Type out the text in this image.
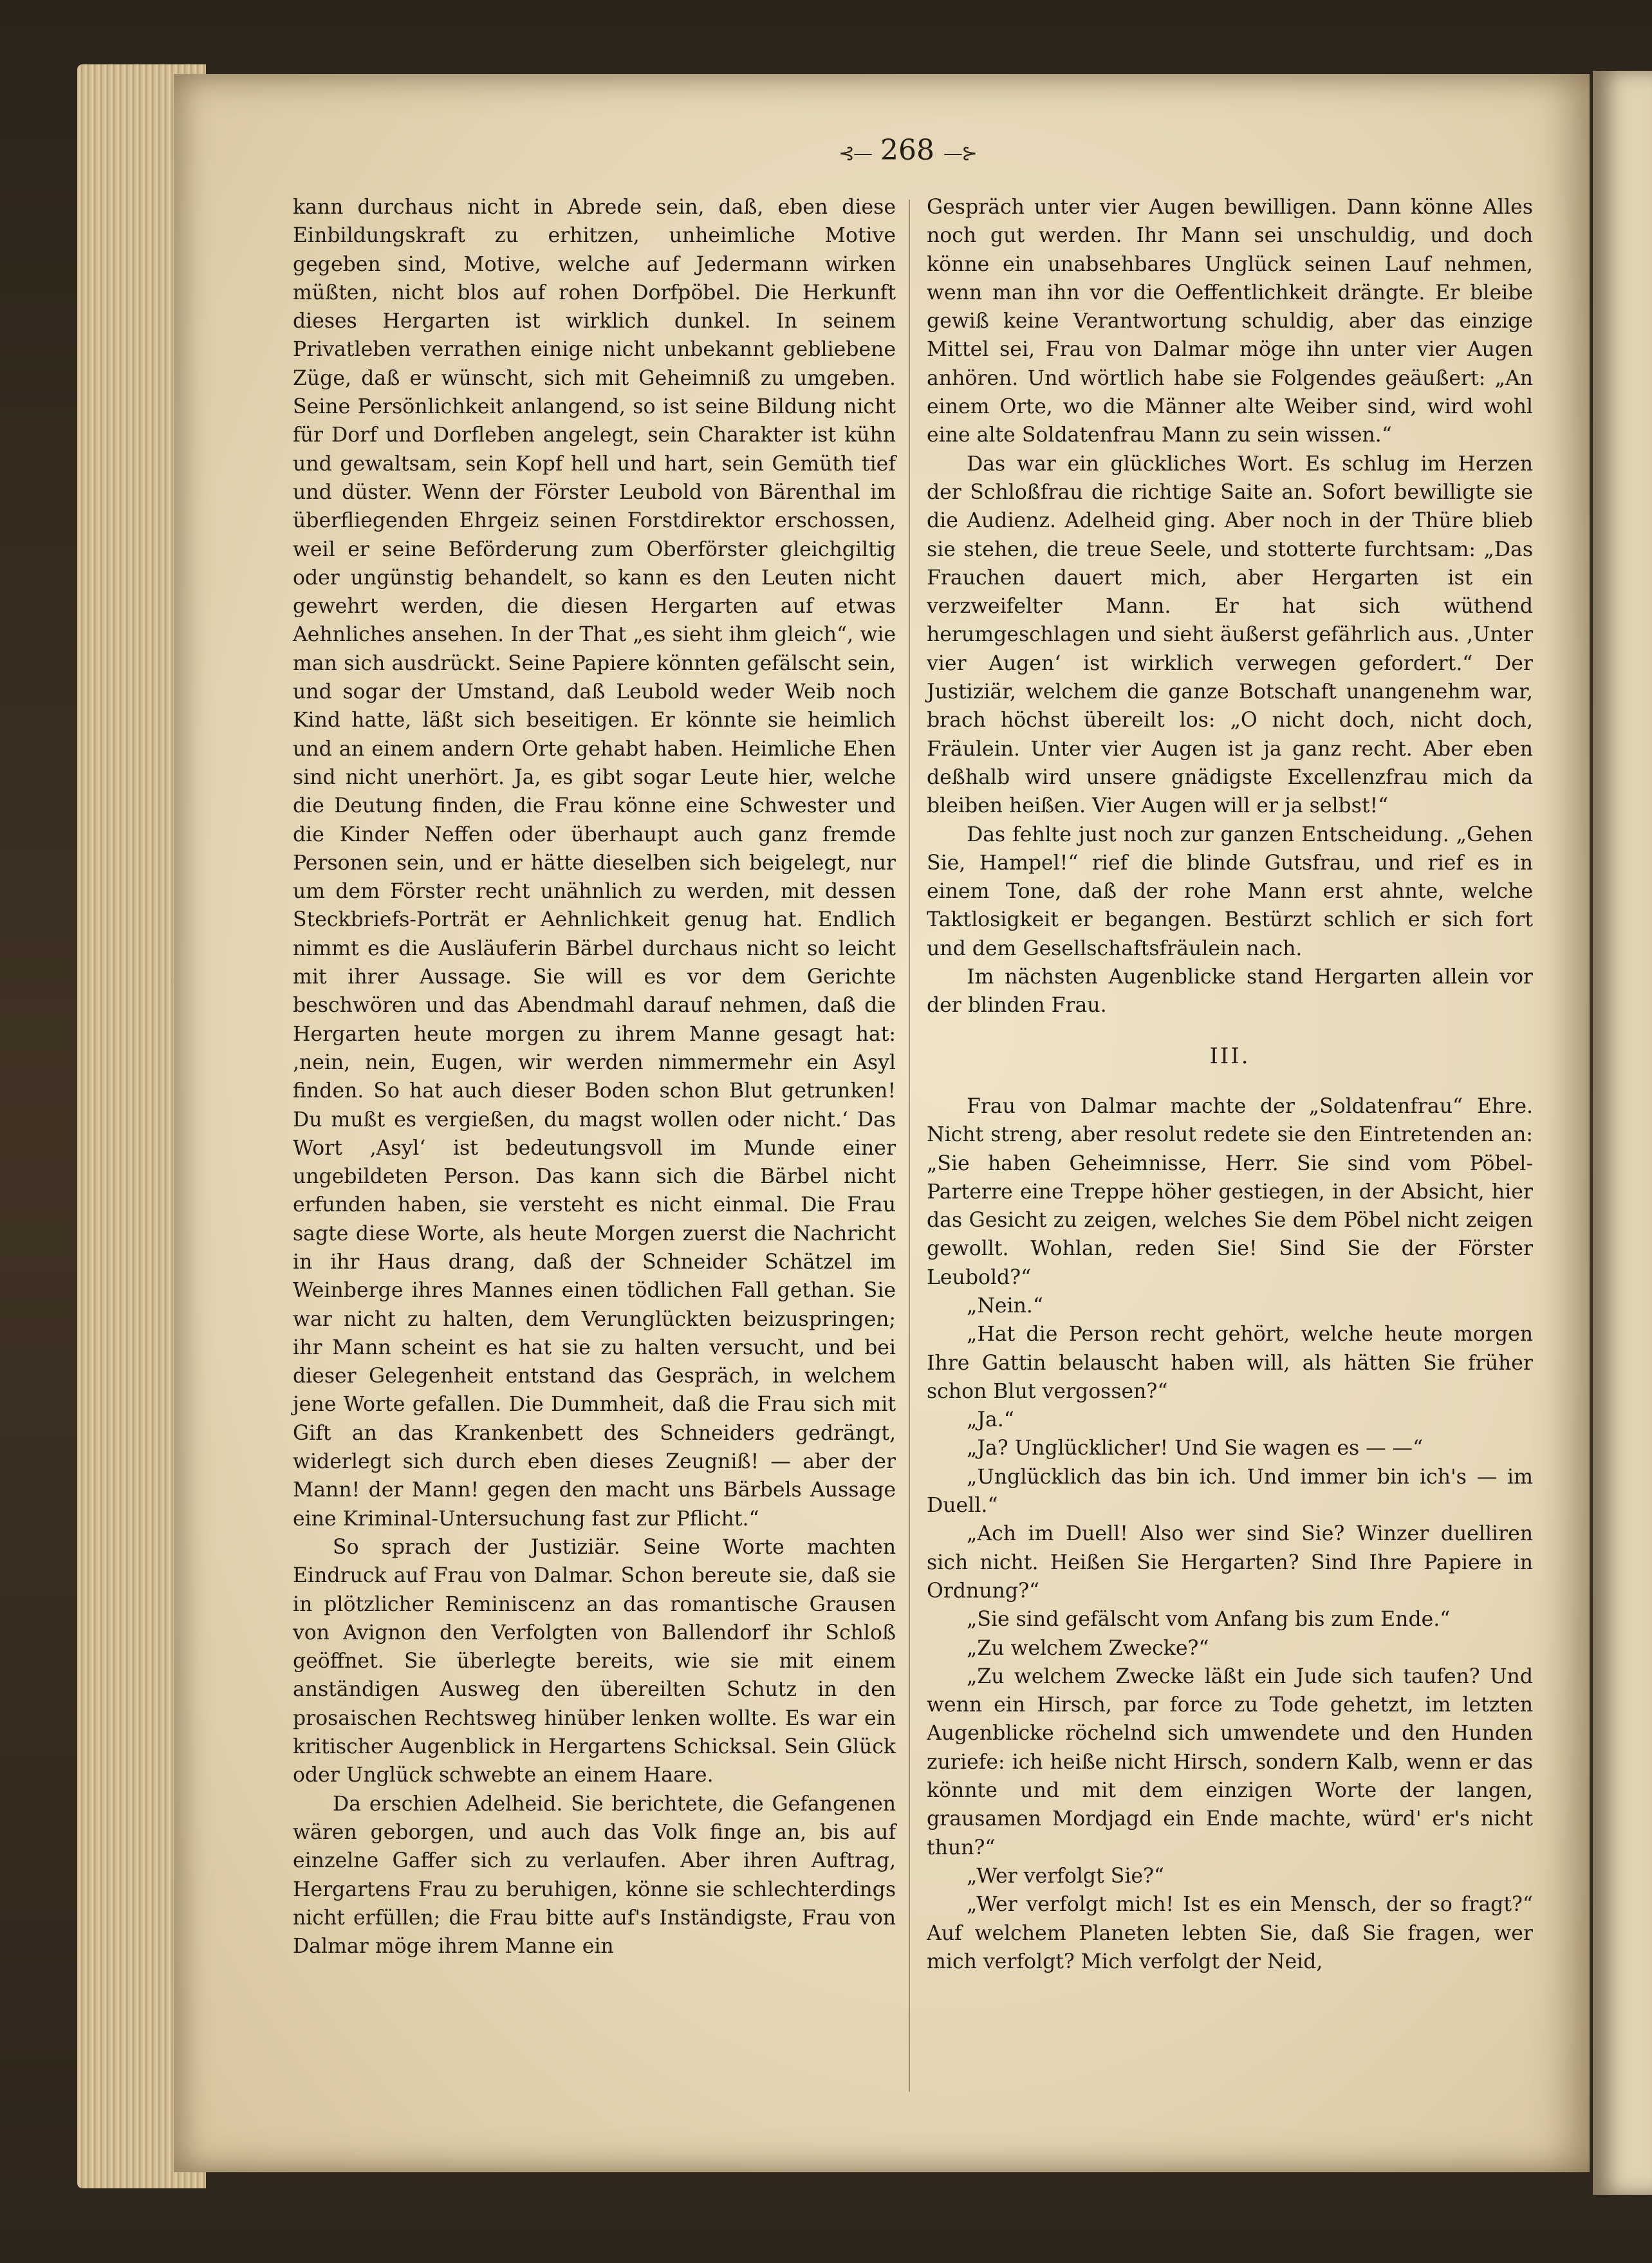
⊰— 268 —⊱

kann durchaus nicht in Abrede sein, daß, eben diese Einbildungskraft zu erhitzen, unheimliche Motive gegeben sind, Motive, welche auf Jedermann wirken müßten, nicht blos auf rohen Dorfpöbel. Die Herkunft dieses Hergarten ist wirklich dunkel. In seinem Privatleben verrathen einige nicht unbekannt gebliebene Züge, daß er wünscht, sich mit Geheimniß zu umgeben. Seine Persönlichkeit anlangend, so ist seine Bildung nicht für Dorf und Dorfleben angelegt, sein Charakter ist kühn und gewaltsam, sein Kopf hell und hart, sein Gemüth tief und düster. Wenn der Förster Leubold von Bärenthal im überfliegenden Ehrgeiz seinen Forstdirektor erschossen, weil er seine Beförderung zum Oberförster gleichgiltig oder ungünstig behandelt, so kann es den Leuten nicht gewehrt werden, die diesen Hergarten auf etwas Aehnliches ansehen. In der That „es sieht ihm gleich“, wie man sich ausdrückt. Seine Papiere könnten gefälscht sein, und sogar der Umstand, daß Leubold weder Weib noch Kind hatte, läßt sich beseitigen. Er könnte sie heimlich und an einem andern Orte gehabt haben. Heimliche Ehen sind nicht unerhört. Ja, es gibt sogar Leute hier, welche die Deutung finden, die Frau könne eine Schwester und die Kinder Neffen oder überhaupt auch ganz fremde Personen sein, und er hätte dieselben sich beigelegt, nur um dem Förster recht unähnlich zu werden, mit dessen Steckbriefs-Porträt er Aehnlichkeit genug hat. Endlich nimmt es die Ausläuferin Bärbel durchaus nicht so leicht mit ihrer Aussage. Sie will es vor dem Gerichte beschwören und das Abendmahl darauf nehmen, daß die Hergarten heute morgen zu ihrem Manne gesagt hat: ‚nein, nein, Eugen, wir werden nimmermehr ein Asyl finden. So hat auch dieser Boden schon Blut getrunken! Du mußt es vergießen, du magst wollen oder nicht.‘ Das Wort ‚Asyl‘ ist bedeutungsvoll im Munde einer ungebildeten Person. Das kann sich die Bärbel nicht erfunden haben, sie versteht es nicht einmal. Die Frau sagte diese Worte, als heute Morgen zuerst die Nachricht in ihr Haus drang, daß der Schneider Schätzel im Weinberge ihres Mannes einen tödlichen Fall gethan. Sie war nicht zu halten, dem Verunglückten beizuspringen; ihr Mann scheint es hat sie zu halten versucht, und bei dieser Gelegenheit entstand das Gespräch, in welchem jene Worte gefallen. Die Dummheit, daß die Frau sich mit Gift an das Krankenbett des Schneiders gedrängt, widerlegt sich durch eben dieses Zeugniß! — aber der Mann! der Mann! gegen den macht uns Bärbels Aussage eine Kriminal-Untersuchung fast zur Pflicht.“

So sprach der Justiziär. Seine Worte machten Eindruck auf Frau von Dalmar. Schon bereute sie, daß sie in plötzlicher Reminiscenz an das romantische Grausen von Avignon den Verfolgten von Ballendorf ihr Schloß geöffnet. Sie überlegte bereits, wie sie mit einem anständigen Ausweg den übereilten Schutz in den prosaischen Rechtsweg hinüber lenken wollte. Es war ein kritischer Augenblick in Hergartens Schicksal. Sein Glück oder Unglück schwebte an einem Haare.

Da erschien Adelheid. Sie berichtete, die Gefangenen wären geborgen, und auch das Volk finge an, bis auf einzelne Gaffer sich zu verlaufen. Aber ihren Auftrag, Hergartens Frau zu beruhigen, könne sie schlechterdings nicht erfüllen; die Frau bitte auf's Inständigste, Frau von Dalmar möge ihrem Manne ein

Gespräch unter vier Augen bewilligen. Dann könne Alles noch gut werden. Ihr Mann sei unschuldig, und doch könne ein unabsehbares Unglück seinen Lauf nehmen, wenn man ihn vor die Oeffentlichkeit drängte. Er bleibe gewiß keine Verantwortung schuldig, aber das einzige Mittel sei, Frau von Dalmar möge ihn unter vier Augen anhören. Und wörtlich habe sie Folgendes geäußert: „An einem Orte, wo die Männer alte Weiber sind, wird wohl eine alte Soldatenfrau Mann zu sein wissen.“

Das war ein glückliches Wort. Es schlug im Herzen der Schloßfrau die richtige Saite an. Sofort bewilligte sie die Audienz. Adelheid ging. Aber noch in der Thüre blieb sie stehen, die treue Seele, und stotterte furchtsam: „Das Frauchen dauert mich, aber Hergarten ist ein verzweifelter Mann. Er hat sich wüthend herumgeschlagen und sieht äußerst gefährlich aus. ‚Unter vier Augen‘ ist wirklich verwegen gefordert.“ Der Justiziär, welchem die ganze Botschaft unangenehm war, brach höchst übereilt los: „O nicht doch, nicht doch, Fräulein. Unter vier Augen ist ja ganz recht. Aber eben deßhalb wird unsere gnädigste Excellenzfrau mich da bleiben heißen. Vier Augen will er ja selbst!“

Das fehlte just noch zur ganzen Entscheidung. „Gehen Sie, Hampel!“ rief die blinde Gutsfrau, und rief es in einem Tone, daß der rohe Mann erst ahnte, welche Taktlosigkeit er begangen. Bestürzt schlich er sich fort und dem Gesellschaftsfräulein nach.

Im nächsten Augenblicke stand Hergarten allein vor der blinden Frau.

III.

Frau von Dalmar machte der „Soldatenfrau“ Ehre. Nicht streng, aber resolut redete sie den Eintretenden an: „Sie haben Geheimnisse, Herr. Sie sind vom Pöbel-Parterre eine Treppe höher gestiegen, in der Absicht, hier das Gesicht zu zeigen, welches Sie dem Pöbel nicht zeigen gewollt. Wohlan, reden Sie! Sind Sie der Förster Leubold?“

„Nein.“

„Hat die Person recht gehört, welche heute morgen Ihre Gattin belauscht haben will, als hätten Sie früher schon Blut vergossen?“

„Ja.“

„Ja? Unglücklicher! Und Sie wagen es — —“

„Unglücklich das bin ich. Und immer bin ich's — im Duell.“

„Ach im Duell! Also wer sind Sie? Winzer duelliren sich nicht. Heißen Sie Hergarten? Sind Ihre Papiere in Ordnung?“

„Sie sind gefälscht vom Anfang bis zum Ende.“

„Zu welchem Zwecke?“

„Zu welchem Zwecke läßt ein Jude sich taufen? Und wenn ein Hirsch, par force zu Tode gehetzt, im letzten Augenblicke röchelnd sich umwendete und den Hunden zuriefe: ich heiße nicht Hirsch, sondern Kalb, wenn er das könnte und mit dem einzigen Worte der langen, grausamen Mordjagd ein Ende machte, würd' er's nicht thun?“

„Wer verfolgt Sie?“

„Wer verfolgt mich! Ist es ein Mensch, der so fragt?“ Auf welchem Planeten lebten Sie, daß Sie fragen, wer mich verfolgt? Mich verfolgt der Neid,
